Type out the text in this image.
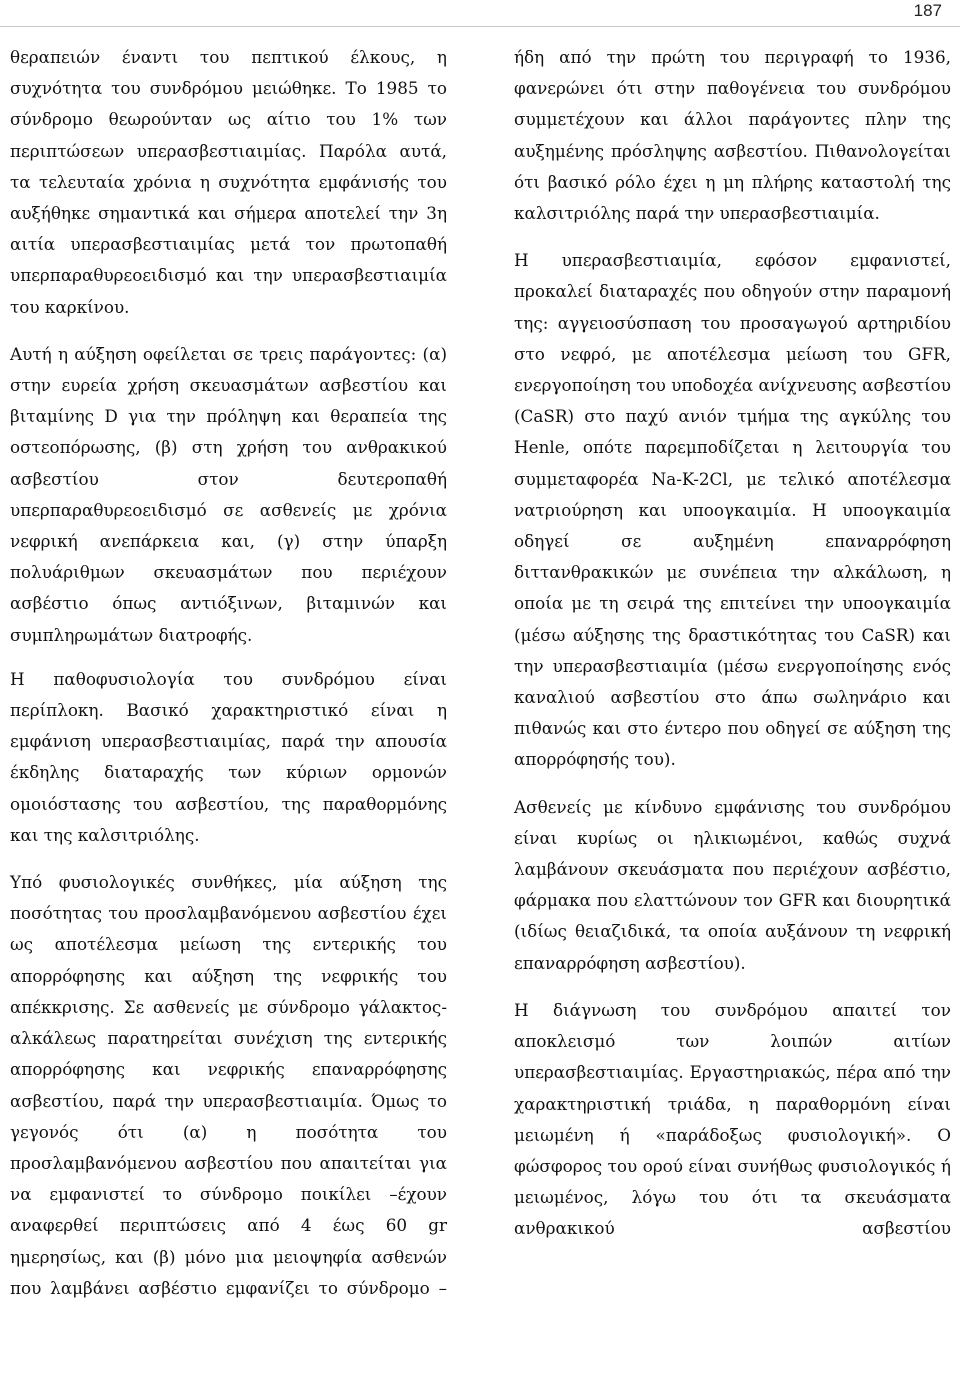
187

θεραπειών έναντι του πεπτικού έλκους, η συχνότητα του συνδρόμου μειώθηκε. Το 1985 το σύνδρομο θεωρούνταν ως αίτιο του 1% των περιπτώσεων υπερασβεστιαιμίας. Παρόλα αυτά, τα τελευταία χρόνια η συχνότητα εμφάνισής του αυξήθηκε σημαντικά και σήμερα αποτελεί την 3η αιτία υπερασβεστιαιμίας μετά τον πρωτοπαθή υπερπαραθυρεοειδισμό και την υπερασβεστιαιμία του καρκίνου.

Αυτή η αύξηση οφείλεται σε τρεις παράγοντες: (α) στην ευρεία χρήση σκευασμάτων ασβεστίου και βιταμίνης D για την πρόληψη και θεραπεία της οστεοπόρωσης, (β) στη χρήση του ανθρακικού ασβεστίου στον δευτεροπαθή υπερπαραθυρεοειδισμό σε ασθενείς με χρόνια νεφρική ανεπάρκεια και, (γ) στην ύπαρξη πολυάριθμων σκευασμάτων που περιέχουν ασβέστιο όπως αντιόξινων, βιταμινών και συμπληρωμάτων διατροφής.

Η παθοφυσιολογία του συνδρόμου είναι περίπλοκη. Βασικό χαρακτηριστικό είναι η εμφάνιση υπερασβεστιαιμίας, παρά την απουσία έκδηλης διαταραχής των κύριων ορμονών ομοιόστασης του ασβεστίου, της παραθορμόνης και της καλσιτριόλης.

Υπό φυσιολογικές συνθήκες, μία αύξηση της ποσότητας του προσλαμβανόμενου ασβεστίου έχει ως αποτέλεσμα μείωση της εντερικής του απορρόφησης και αύξηση της νεφρικής του απέκκρισης. Σε ασθενείς με σύνδρομο γάλακτος-αλκάλεως παρατηρείται συνέχιση της εντερικής απορρόφησης και νεφρικής επαναρρόφησης ασβεστίου, παρά την υπερασβεστιαιμία. Όμως το γεγονός ότι (α) η ποσότητα του προσλαμβανόμενου ασβεστίου που απαιτείται για να εμφανιστεί το σύνδρομο ποικίλει –έχουν αναφερθεί περιπτώσεις από 4 έως 60 gr ημερησίως, και (β) μόνο μια μειοψηφία ασθενών που λαμβάνει ασβέστιο εμφανίζει το σύνδρομο –

ήδη από την πρώτη του περιγραφή το 1936, φανερώνει ότι στην παθογένεια του συνδρόμου συμμετέχουν και άλλοι παράγοντες πλην της αυξημένης πρόσληψης ασβεστίου. Πιθανολογείται ότι βασικό ρόλο έχει η μη πλήρης καταστολή της καλσιτριόλης παρά την υπερασβεστιαιμία.

Η υπερασβεστιαιμία, εφόσον εμφανιστεί, προκαλεί διαταραχές που οδηγούν στην παραμονή της: αγγειοσύσπαση του προσαγωγού αρτηριδίου στο νεφρό, με αποτέλεσμα μείωση του GFR, ενεργοποίηση του υποδοχέα ανίχνευσης ασβεστίου (CaSR) στο παχύ ανιόν τμήμα της αγκύλης του Henle, οπότε παρεμποδίζεται η λειτουργία του συμμεταφορέα Na-K-2Cl, με τελικό αποτέλεσμα νατριούρηση και υποογκαιμία. Η υποογκαιμία οδηγεί σε αυξημένη επαναρρόφηση διττανθρακικών με συνέπεια την αλκάλωση, η οποία με τη σειρά της επιτείνει την υποογκαιμία (μέσω αύξησης της δραστικότητας του CaSR) και την υπερασβεστιαιμία (μέσω ενεργοποίησης ενός καναλιού ασβεστίου στο άπω σωληνάριο και πιθανώς και στο έντερο που οδηγεί σε αύξηση της απορρόφησής του).

Ασθενείς με κίνδυνο εμφάνισης του συνδρόμου είναι κυρίως οι ηλικιωμένοι, καθώς συχνά λαμβάνουν σκευάσματα που περιέχουν ασβέστιο, φάρμακα που ελαττώνουν τον GFR και διουρητικά (ιδίως θειαζιδικά, τα οποία αυξάνουν τη νεφρική επαναρρόφηση ασβεστίου).

Η διάγνωση του συνδρόμου απαιτεί τον αποκλεισμό των λοιπών αιτίων υπερασβεστιαιμίας. Εργαστηριακώς, πέρα από την χαρακτηριστική τριάδα, η παραθορμόνη είναι μειωμένη ή «παράδοξως φυσιολογική». Ο φώσφορος του ορού είναι συνήθως φυσιολογικός ή μειωμένος, λόγω του ότι τα σκευάσματα ανθρακικού ασβεστίου
